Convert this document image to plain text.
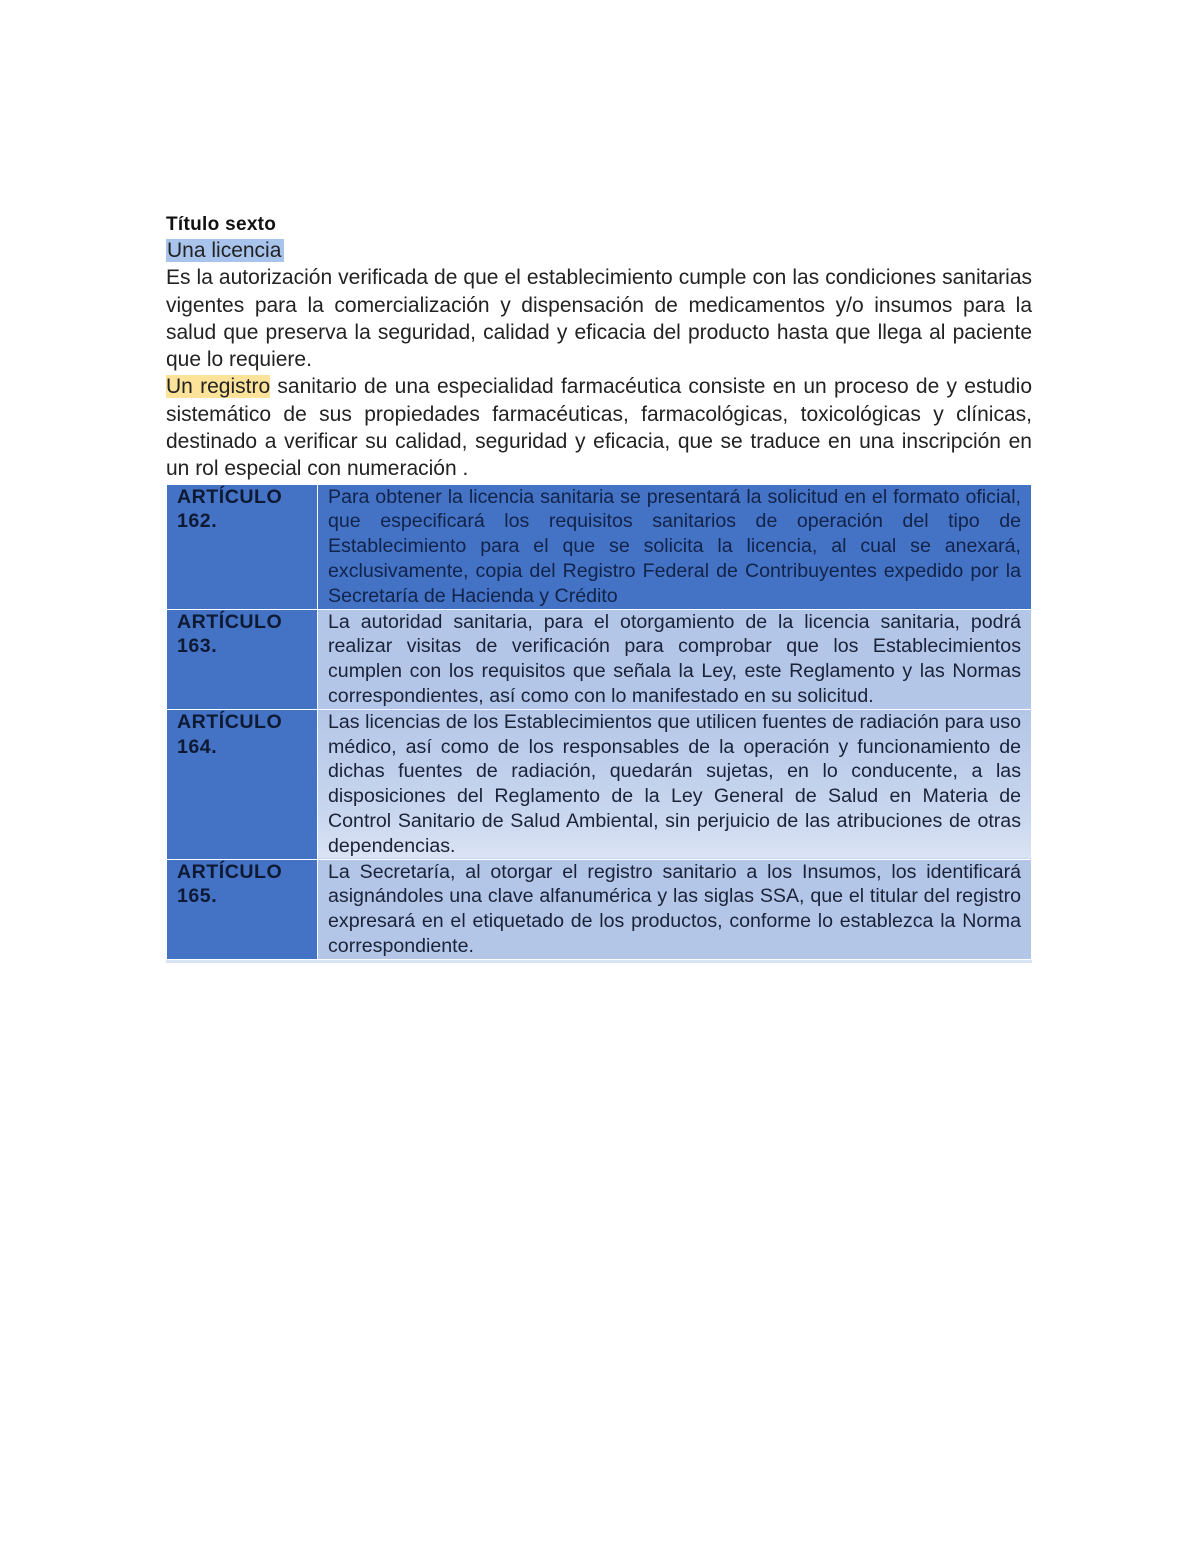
Título sexto

Una licencia

Es la autorización verificada de que el establecimiento cumple con las condiciones sanitarias vigentes para la comercialización y dispensación de medicamentos y/o insumos para la salud que preserva la seguridad, calidad y eficacia del producto hasta que llega al paciente que lo requiere.

Un registro sanitario de una especialidad farmacéutica consiste en un proceso de y estudio sistemático de sus propiedades farmacéuticas, farmacológicas, toxicológicas y clínicas, destinado a verificar su calidad, seguridad y eficacia, que se traduce en una inscripción en un rol especial con numeración .

ARTÍCULO
162.	Para obtener la licencia sanitaria se presentará la solicitud en el formato oficial, que especificará los requisitos sanitarios de operación del tipo de Establecimiento para el que se solicita la licencia, al cual se anexará, exclusivamente, copia del Registro Federal de Contribuyentes expedido por la Secretaría de Hacienda y Crédito

ARTÍCULO
163.	La autoridad sanitaria, para el otorgamiento de la licencia sanitaria, podrá realizar visitas de verificación para comprobar que los Establecimientos cumplen con los requisitos que señala la Ley, este Reglamento y las Normas correspondientes, así como con lo manifestado en su solicitud.

ARTÍCULO
164.	Las licencias de los Establecimientos que utilicen fuentes de radiación para uso médico, así como de los responsables de la operación y funcionamiento de dichas fuentes de radiación, quedarán sujetas, en lo conducente, a las disposiciones del Reglamento de la Ley General de Salud en Materia de Control Sanitario de Salud Ambiental, sin perjuicio de las atribuciones de otras dependencias.

ARTÍCULO
165.	La Secretaría, al otorgar el registro sanitario a los Insumos, los identificará asignándoles una clave alfanumérica y las siglas SSA, que el titular del registro expresará en el etiquetado de los productos, conforme lo establezca la Norma correspondiente.
